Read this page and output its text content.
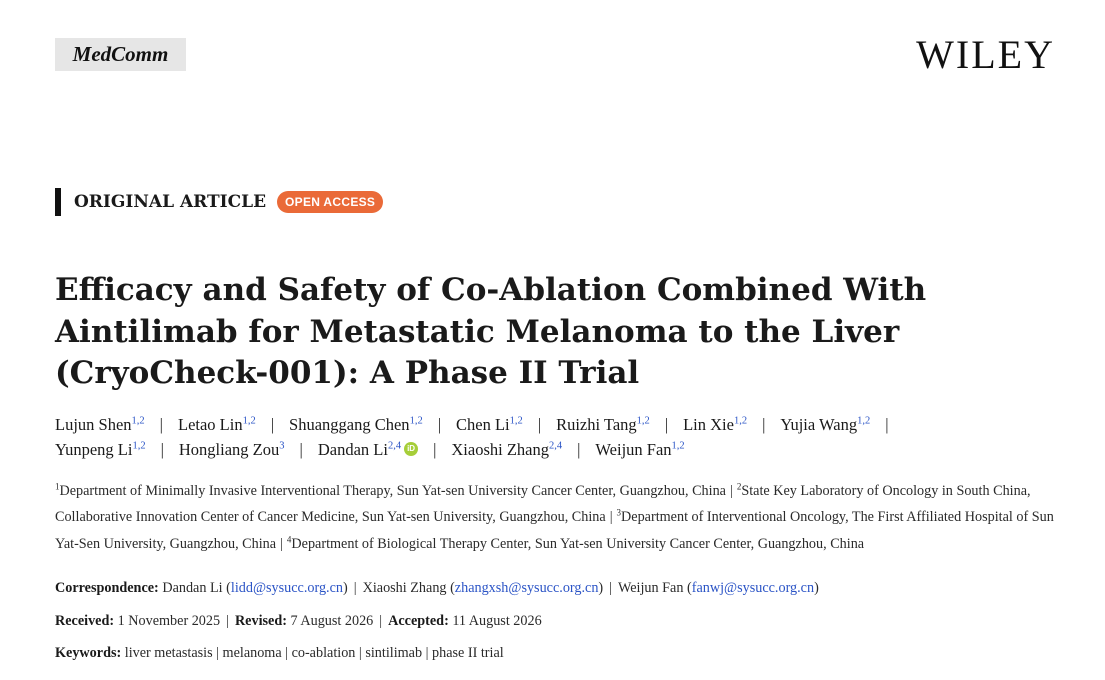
MedComm	WILEY
ORIGINAL ARTICLE	OPEN ACCESS
Efficacy and Safety of Co-Ablation Combined With Aintilimab for Metastatic Melanoma to the Liver (CryoCheck-001): A Phase II Trial
Lujun Shen$^{1,2}$ | Letao Lin$^{1,2}$ | Shuanggang Chen$^{1,2}$ | Chen Li$^{1,2}$ | Ruizhi Tang$^{1,2}$ | Lin Xie$^{1,2}$ | Yujia Wang$^{1,2}$ |
Yunpeng Li$^{1,2}$ | Hongliang Zou$^3$ | Dandan Li$^{2,4}$ iD | Xiaoshi Zhang$^{2,4}$ | Weijun Fan$^{1,2}$
$^1$Department of Minimally Invasive Interventional Therapy, Sun Yat-sen University Cancer Center, Guangzhou, China | $^2$State Key Laboratory of Oncology in South China, Collaborative Innovation Center of Cancer Medicine, Sun Yat-sen University, Guangzhou, China | $^3$Department of Interventional Oncology, The First Affiliated Hospital of Sun Yat-Sen University, Guangzhou, China | $^4$Department of Biological Therapy Center, Sun Yat-sen University Cancer Center, Guangzhou, China
Correspondence: Dandan Li (lidd@sysucc.org.cn) | Xiaoshi Zhang (zhangxsh@sysucc.org.cn) | Weijun Fan (fanwj@sysucc.org.cn)
Received: 1 November 2025 | Revised: 7 August 2026 | Accepted: 11 August 2026
Keywords: liver metastasis | melanoma | co-ablation | sintilimab | phase II trial
